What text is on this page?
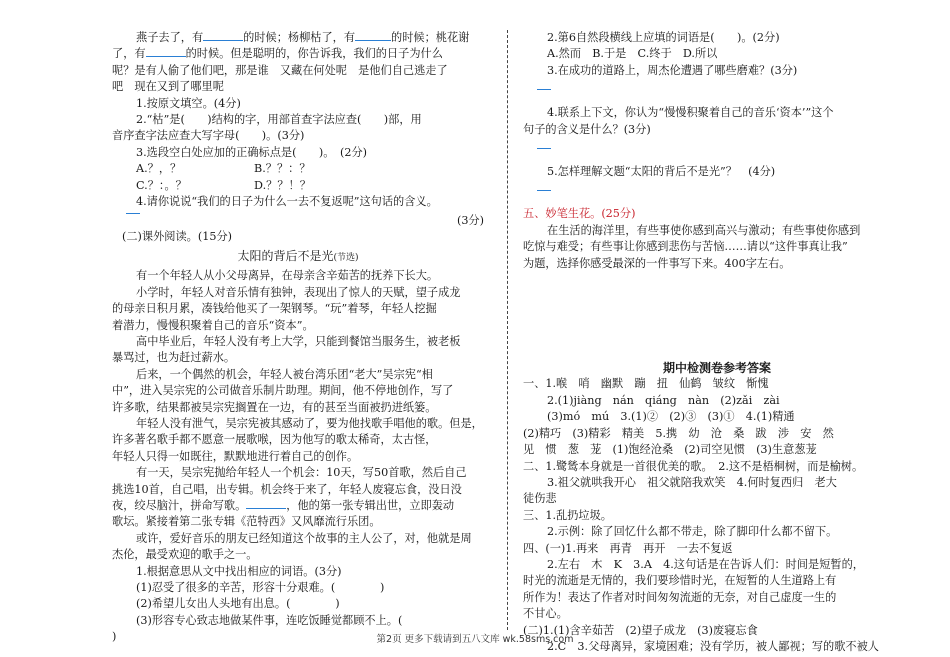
燕子去了，有	的时候；杨柳枯了，有	的时候；桃花谢
了，有	的时候。但是聪明的，你告诉我，我们的日子为什么
呢？是有人偷了他们吧，那是谁　又藏在何处呢　是他们自己逃走了
吧　现在又到了哪里呢
1.按原文填空。(4分)
2.“枯”是(　　)结构的字，用部首查字法应查(　　)部，用
音序查字法应查大写字母(　　)。(3分)
3.选段空白处应加的正确标点是(　　)。　(2分)
A.？，？	B.？？：？
C.？：。？	D.？？！？
4.请你说说“我们的日子为什么一去不复返呢”这句话的含义。
(3分)
(二)课外阅读。(15分)
太阳的背后不是光(节选)
有一个年轻人从小父母离异，在母亲含辛茹苦的抚养下长大。
小学时，年轻人对音乐情有独钟，表现出了惊人的天赋，望子成龙
的母亲日积月累，凑钱给他买了一架钢琴。“玩”着琴，年轻人挖掘
着潜力，慢慢积聚着自己的音乐“资本”。
高中毕业后，年轻人没有考上大学，只能到餐馆当服务生，被老板
暴骂过，也为赶过薪水。
后来，一个偶然的机会，年轻人被台湾乐团“老大”吴宗宪“相
中”，进入吴宗宪的公司做音乐制片助理。期间，他不停地创作，写了
许多歌，结果都被吴宗宪搁置在一边，有的甚至当面被扔进纸篓。
年轻人没有泄气，吴宗宪被其感动了，要为他找歌手唱他的歌。但是，
许多著名歌手都不愿意一展歌喉，因为他写的歌太稀奇，太古怪，
年轻人只得一如既往，默默地进行着自己的创作。
有一天，吴宗宪抛给年轻人一个机会：10天，写50首歌，然后自己
挑选10首，自己唱，出专辑。机会终于来了，年轻人废寝忘食，没日没
夜，绞尽脑汁，拼命写歌。	，他的第一张专辑出世，立即轰动
歌坛。紧接着第二张专辑《范特西》又风靡流行乐团。
或许，爱好音乐的朋友已经知道这个故事的主人公了，对，他就是周
杰伦，最受欢迎的歌手之一。
1.根据意思从文中找出相应的词语。(3分)
(1)忍受了很多的辛苦，形容十分艰难。(　　　　)
(2)希望儿女出人头地有出息。(　　　　)
(3)形容专心致志地做某件事，连吃饭睡觉都顾不上。(
)
2.第6自然段横线上应填的词语是(　　)。(2分)
A.然而　B.于是　C.终于　D.所以
3.在成功的道路上，周杰伦遭遇了哪些磨难？(3分)
4.联系上下文，你认为“慢慢积聚着自己的音乐‘资本’”这个
句子的含义是什么？(3分)
5.怎样理解文题“太阳的背后不是光”？　(4分)
五、妙笔生花。(25分)
在生活的海洋里，有些事使你感到高兴与激动；有些事使你感到
吃惊与难受；有些事让你感到悲伤与苦恼……请以“这件事真让我”
为题，选择你感受最深的一件事写下来。400字左右。
期中检测卷参考答案
一、1.喉　哨　幽默　蹦　扭　仙鹤　皱纹　惭愧
2.(1)jiàng　nán　qiáng　nàn　(2)zǎi　zài
(3)mó　mú　3.(1)②　(2)③　(3)①　4.(1)精通
(2)精巧　(3)精彩　精美　5.携　幼　沧　桑　跋　涉　安　然
见　惯　葱　茏　(1)饱经沧桑　(2)司空见惯　(3)生意葱茏
二、1.鹭鸶本身就是一首很优美的歌。　2.这不是梧桐树，而是榆树。
3.祖父就哄我开心　祖父就陪我欢笑　4.何时复西归　老大
徒伤悲
三、1.乱扔垃圾。
2.示例：除了回忆什么都不带走，除了脚印什么都不留下。
四、(一)1.再来　再青　再开　一去不复返
2.左右　木　K　3.A　4.这句话是在告诉人们：时间是短暂的，
时光的流逝是无情的，我们要珍惜时光，在短暂的人生道路上有
所作为！表达了作者对时间匆匆流逝的无奈，对自己虚度一生的
不甘心。
(二)1.(1)含辛茹苦　(2)望子成龙　(3)废寝忘食
2.C　3.父母离异，家境困难；没有学历，被人鄙视；写的歌不被人
第2页 更多下载请到五八文库 wk.58sms.com
